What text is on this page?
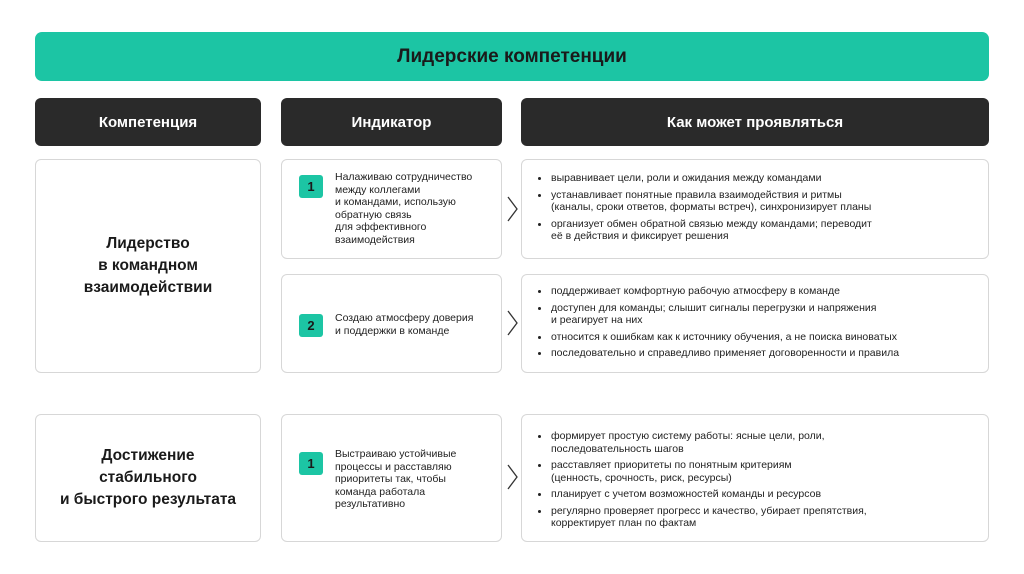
Лидерские компетенции
Компетенция	Индикатор	Как может проявляться
Лидерство
в командном
взаимодействии
1
Налаживаю сотрудничество
между коллегами
и командами, использую
обратную связь
для эффективного
взаимодействия
выравнивает цели, роли и ожидания между командами
устанавливает понятные правила взаимодействия и ритмы
(каналы, сроки ответов, форматы встреч), синхронизирует планы
организует обмен обратной связью между командами; переводит
её в действия и фиксирует решения
2 Создаю атмосферу доверия
и поддержки в команде
поддерживает комфортную рабочую атмосферу в команде
доступен для команды; слышит сигналы перегрузки и напряжения
и реагирует на них
относится к ошибкам как к источнику обучения, а не поиска виноватых
последовательно и справедливо применяет договоренности и правила
Достижение
стабильного
и быстрого результата
1
Выстраиваю устойчивые
процессы и расставляю
приоритеты так, чтобы
команда работала
результативно
формирует простую систему работы: ясные цели, роли,
последовательность шагов
расставляет приоритеты по понятным критериям
(ценность, срочность, риск, ресурсы)
планирует с учетом возможностей команды и ресурсов
регулярно проверяет прогресс и качество, убирает препятствия,
корректирует план по фактам
